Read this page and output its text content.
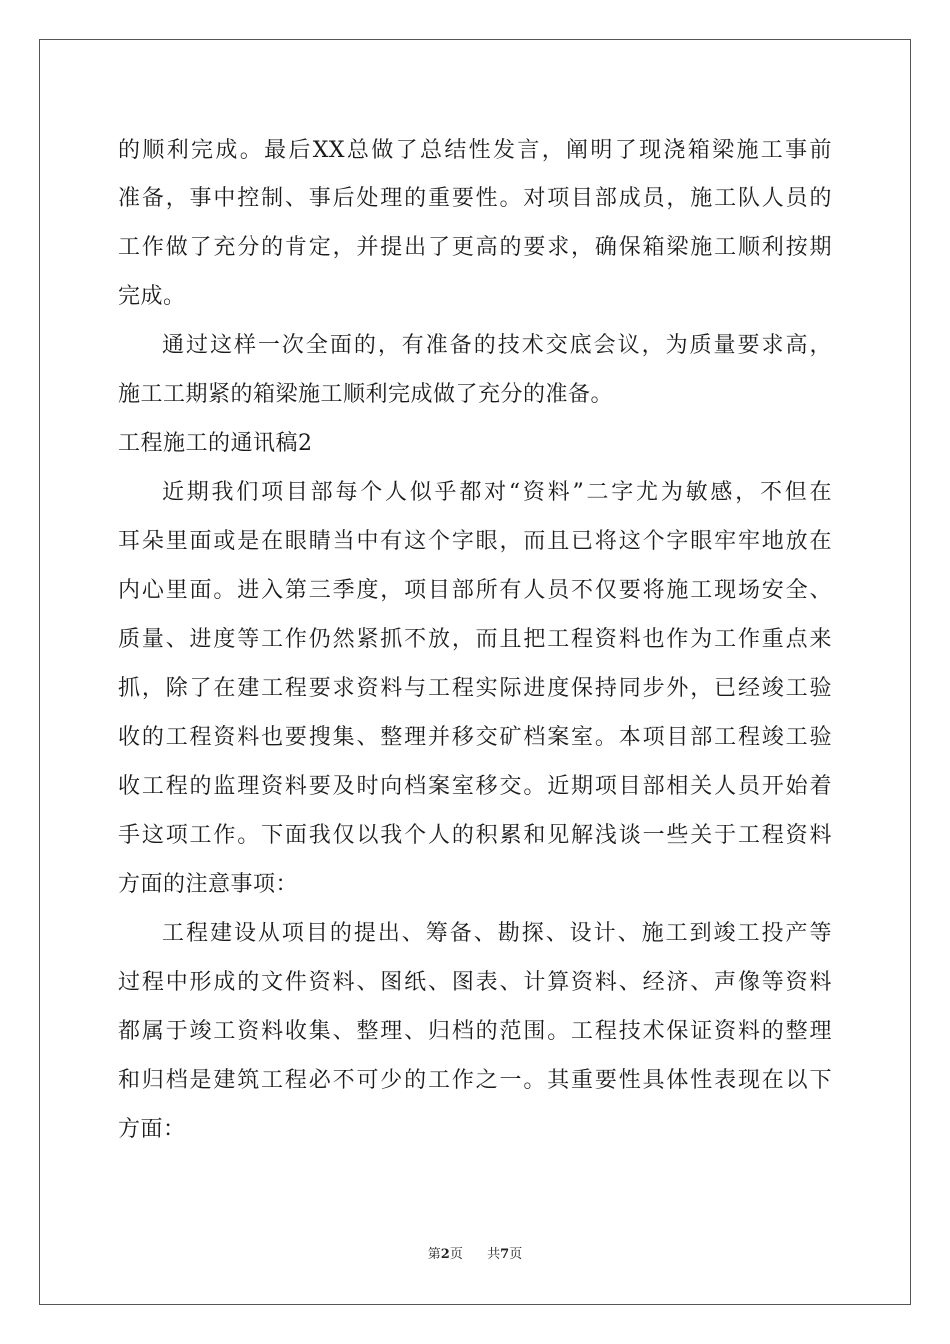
的顺利完成。最后XX总做了总结性发言，阐明了现浇箱梁施工事前
准备，事中控制、事后处理的重要性。对项目部成员，施工队人员的
工作做了充分的肯定，并提出了更高的要求，确保箱梁施工顺利按期
完成。
通过这样一次全面的，有准备的技术交底会议，为质量要求高，
施工工期紧的箱梁施工顺利完成做了充分的准备。
工程施工的通讯稿2
近期我们项目部每个人似乎都对“资料”二字尤为敏感，不但在
耳朵里面或是在眼睛当中有这个字眼，而且已将这个字眼牢牢地放在
内心里面。进入第三季度，项目部所有人员不仅要将施工现场安全、
质量、进度等工作仍然紧抓不放，而且把工程资料也作为工作重点来
抓，除了在建工程要求资料与工程实际进度保持同步外，已经竣工验
收的工程资料也要搜集、整理并移交矿档案室。本项目部工程竣工验
收工程的监理资料要及时向档案室移交。近期项目部相关人员开始着
手这项工作。下面我仅以我个人的积累和见解浅谈一些关于工程资料
方面的注意事项：
工程建设从项目的提出、筹备、勘探、设计、施工到竣工投产等
过程中形成的文件资料、图纸、图表、计算资料、经济、声像等资料
都属于竣工资料收集、整理、归档的范围。工程技术保证资料的整理
和归档是建筑工程必不可少的工作之一。其重要性具体性表现在以下
方面：
第2页 共7页
